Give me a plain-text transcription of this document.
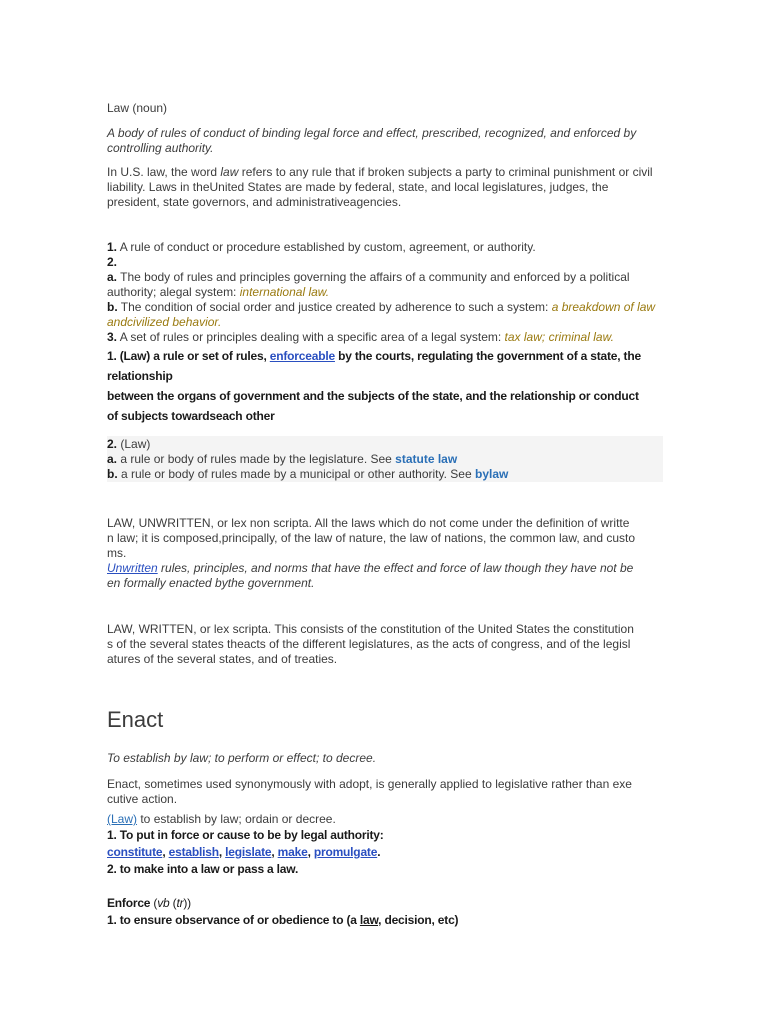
Law (noun)

A body of rules of conduct of binding legal force and effect, prescribed, recognized, and enforced by controlling authority.

In U.S. law, the word law refers to any rule that if broken subjects a party to criminal punishment or civil liability. Laws in theUnited States are made by federal, state, and local legislatures, judges, the president, state governors, and administrativeagencies.

1. A rule of conduct or procedure established by custom, agreement, or authority.

2.

a. The body of rules and principles governing the affairs of a community and enforced by a political authority; alegal system: international law.

b. The condition of social order and justice created by adherence to such a system: a breakdown of law andcivilized behavior.

3. A set of rules or principles dealing with a specific area of a legal system: tax law; criminal law.

1. (Law) a rule or set of rules, enforceable by the courts, regulating the government of a state, the

relationship

between the organs of government and the subjects of the state, and the relationship or conduct

of subjects towardseach other

2. (Law)

a. a rule or body of rules made by the legislature. See statute law

b. a rule or body of rules made by a municipal or other authority. See bylaw

LAW, UNWRITTEN, or lex non scripta. All the laws which do not come under the definition of writte

n law; it is composed,principally, of the law of nature, the law of nations, the common law, and custo

ms.

Unwritten rules, principles, and norms that have the effect and force of law though they have not be

en formally enacted bythe government.

LAW, WRITTEN, or lex scripta. This consists of the constitution of the United States the constitution

s of the several states theacts of the different legislatures, as the acts of congress, and of the legisl

atures of the several states, and of treaties.

Enact

To establish by law; to perform or effect; to decree.

Enact, sometimes used synonymously with adopt, is generally applied to legislative rather than exe

cutive action.

(Law) to establish by law; ordain or decree.

1. To put in force or cause to be by legal authority:

constitute, establish, legislate, make, promulgate.

2. to make into a law or pass a law.

Enforce (vb (tr))

1. to ensure observance of or obedience to (a law, decision, etc)
